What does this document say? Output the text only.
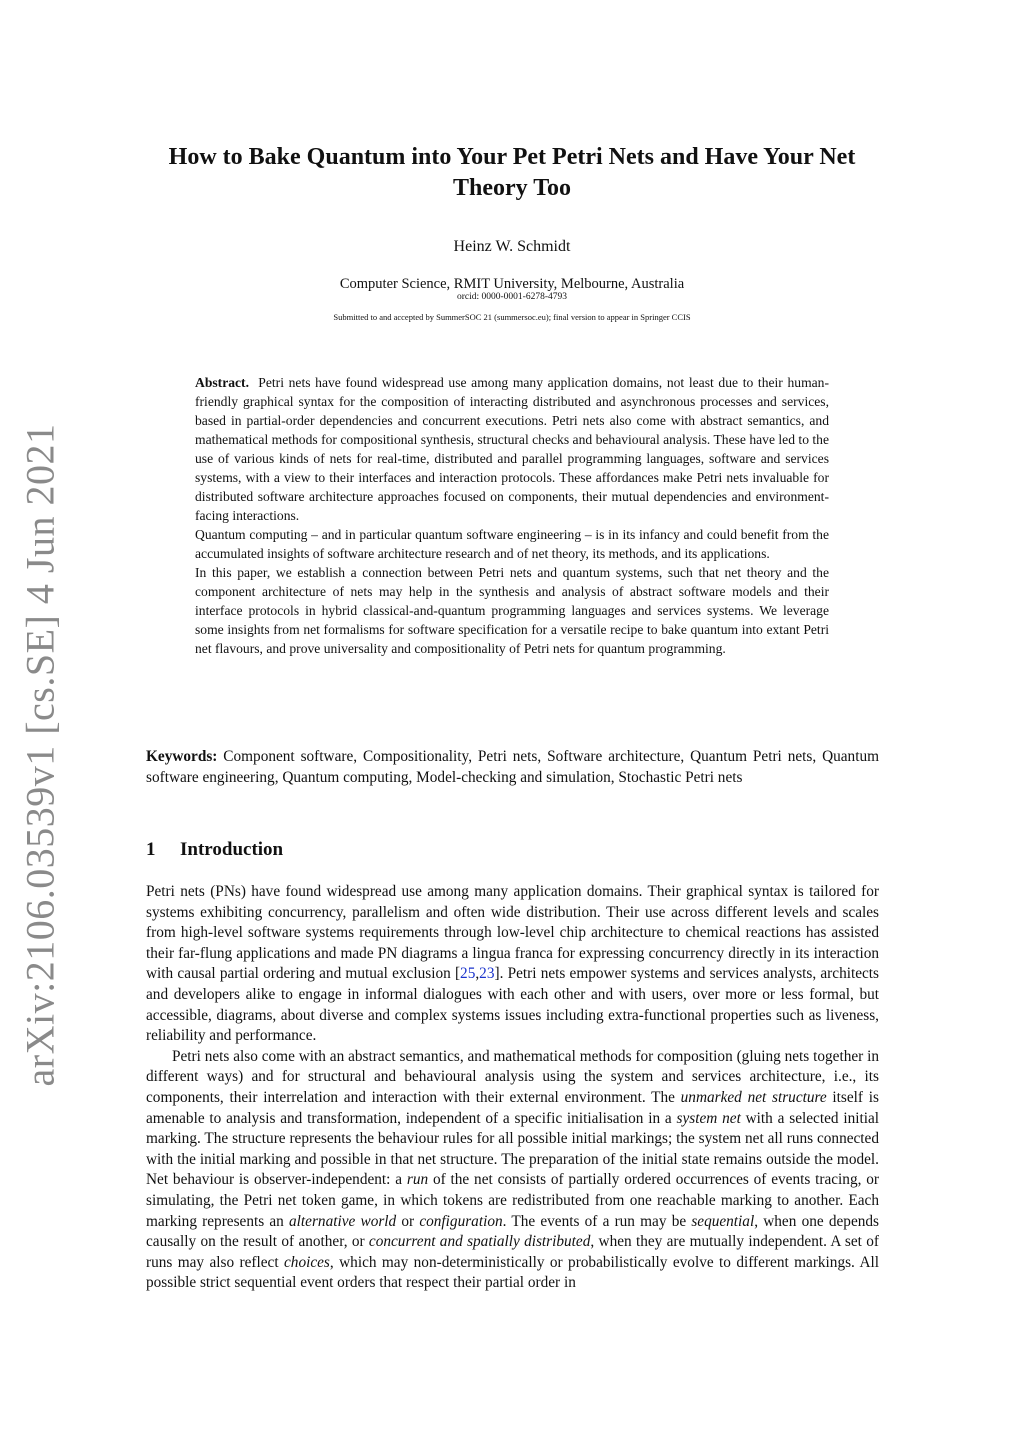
arXiv:2106.03539v1 [cs.SE] 4 Jun 2021
How to Bake Quantum into Your Pet Petri Nets and Have Your Net Theory Too
Heinz W. Schmidt
Computer Science, RMIT University, Melbourne, Australia
orcid: 0000-0001-6278-4793
Submitted to and accepted by SummerSOC 21 (summersoc.eu); final version to appear in Springer CCIS

Abstract. Petri nets have found widespread use among many application domains, not least due to their human-friendly graphical syntax for the composition of interacting distributed and asynchronous processes and services, based in partial-order dependencies and concurrent executions. Petri nets also come with abstract semantics, and mathematical methods for compositional synthesis, structural checks and behavioural analysis. These have led to the use of various kinds of nets for real-time, distributed and parallel programming languages, software and services systems, with a view to their interfaces and interaction protocols. These affordances make Petri nets invaluable for distributed software architecture approaches focused on components, their mutual dependencies and environment-facing interactions.

Quantum computing – and in particular quantum software engineering – is in its infancy and could benefit from the accumulated insights of software architecture research and of net theory, its methods, and its applications.

In this paper, we establish a connection between Petri nets and quantum systems, such that net theory and the component architecture of nets may help in the synthesis and analysis of abstract software models and their interface protocols in hybrid classical-and-quantum programming languages and services systems. We leverage some insights from net formalisms for software specification for a versatile recipe to bake quantum into extant Petri net flavours, and prove universality and compositionality of Petri nets for quantum programming.

Keywords: Component software, Compositionality, Petri nets, Software architecture, Quantum Petri nets, Quantum software engineering, Quantum computing, Model-checking and simulation, Stochastic Petri nets
1 Introduction

Petri nets (PNs) have found widespread use among many application domains. Their graphical syntax is tailored for systems exhibiting concurrency, parallelism and often wide distribution. Their use across different levels and scales from high-level software systems requirements through low-level chip architecture to chemical reactions has assisted their far-flung applications and made PN diagrams a lingua franca for expressing concurrency directly in its interaction with causal partial ordering and mutual exclusion [25,23]. Petri nets empower systems and services analysts, architects and developers alike to engage in informal dialogues with each other and with users, over more or less formal, but accessible, diagrams, about diverse and complex systems issues including extra-functional properties such as liveness, reliability and performance.

Petri nets also come with an abstract semantics, and mathematical methods for composition (gluing nets together in different ways) and for structural and behavioural analysis using the system and services architecture, i.e., its components, their interrelation and interaction with their external environment. The unmarked net structure itself is amenable to analysis and transformation, independent of a specific initialisation in a system net with a selected initial marking. The structure represents the behaviour rules for all possible initial markings; the system net all runs connected with the initial marking and possible in that net structure. The preparation of the initial state remains outside the model. Net behaviour is observer-independent: a run of the net consists of partially ordered occurrences of events tracing, or simulating, the Petri net token game, in which tokens are redistributed from one reachable marking to another. Each marking represents an alternative world or configuration. The events of a run may be sequential, when one depends causally on the result of another, or concurrent and spatially distributed, when they are mutually independent. A set of runs may also reflect choices, which may non-deterministically or probabilistically evolve to different markings. All possible strict sequential event orders that respect their partial order in
